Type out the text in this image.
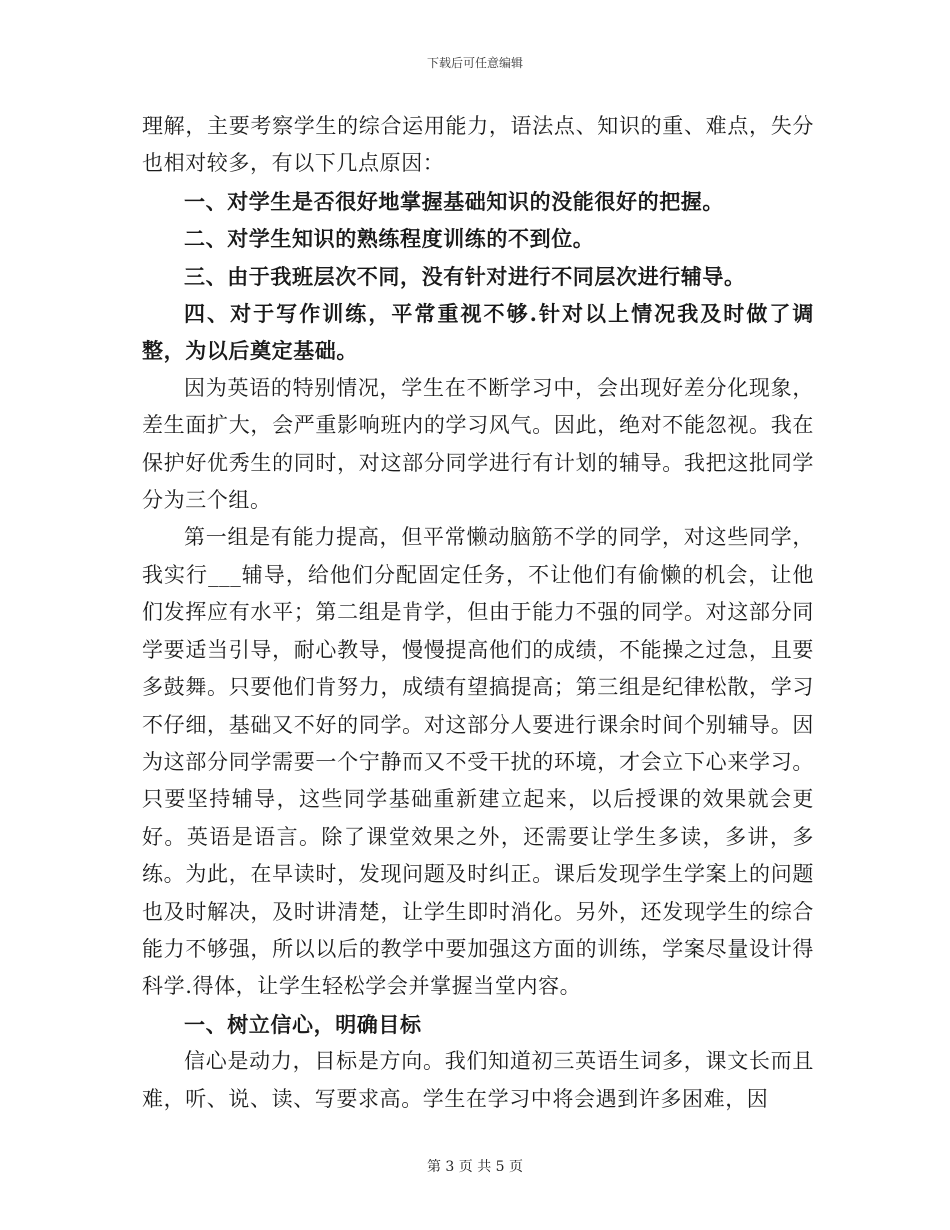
下载后可任意编辑

理解，主要考察学生的综合运用能力，语法点、知识的重、难点，失分也相对较多，有以下几点原因：

一、对学生是否很好地掌握基础知识的没能很好的把握。

二、对学生知识的熟练程度训练的不到位。

三、由于我班层次不同，没有针对进行不同层次进行辅导。

四、对于写作训练，平常重视不够.针对以上情况我及时做了调整，为以后奠定基础。

因为英语的特别情况，学生在不断学习中，会出现好差分化现象，差生面扩大，会严重影响班内的学习风气。因此，绝对不能忽视。我在保护好优秀生的同时，对这部分同学进行有计划的辅导。我把这批同学分为三个组。

第一组是有能力提高，但平常懒动脑筋不学的同学，对这些同学，我实行___辅导，给他们分配固定任务，不让他们有偷懒的机会，让他们发挥应有水平；第二组是肯学，但由于能力不强的同学。对这部分同学要适当引导，耐心教导，慢慢提高他们的成绩，不能操之过急，且要多鼓舞。只要他们肯努力，成绩有望搞提高；第三组是纪律松散，学习不仔细，基础又不好的同学。对这部分人要进行课余时间个别辅导。因为这部分同学需要一个宁静而又不受干扰的环境，才会立下心来学习。只要坚持辅导，这些同学基础重新建立起来，以后授课的效果就会更好。英语是语言。除了课堂效果之外，还需要让学生多读，多讲，多练。为此，在早读时，发现问题及时纠正。课后发现学生学案上的问题也及时解决，及时讲清楚，让学生即时消化。另外，还发现学生的综合能力不够强，所以以后的教学中要加强这方面的训练，学案尽量设计得科学.得体，让学生轻松学会并掌握当堂内容。

一、树立信心，明确目标

信心是动力，目标是方向。我们知道初三英语生词多，课文长而且难，听、说、读、写要求高。学生在学习中将会遇到许多困难，因

第 3 页 共 5 页
